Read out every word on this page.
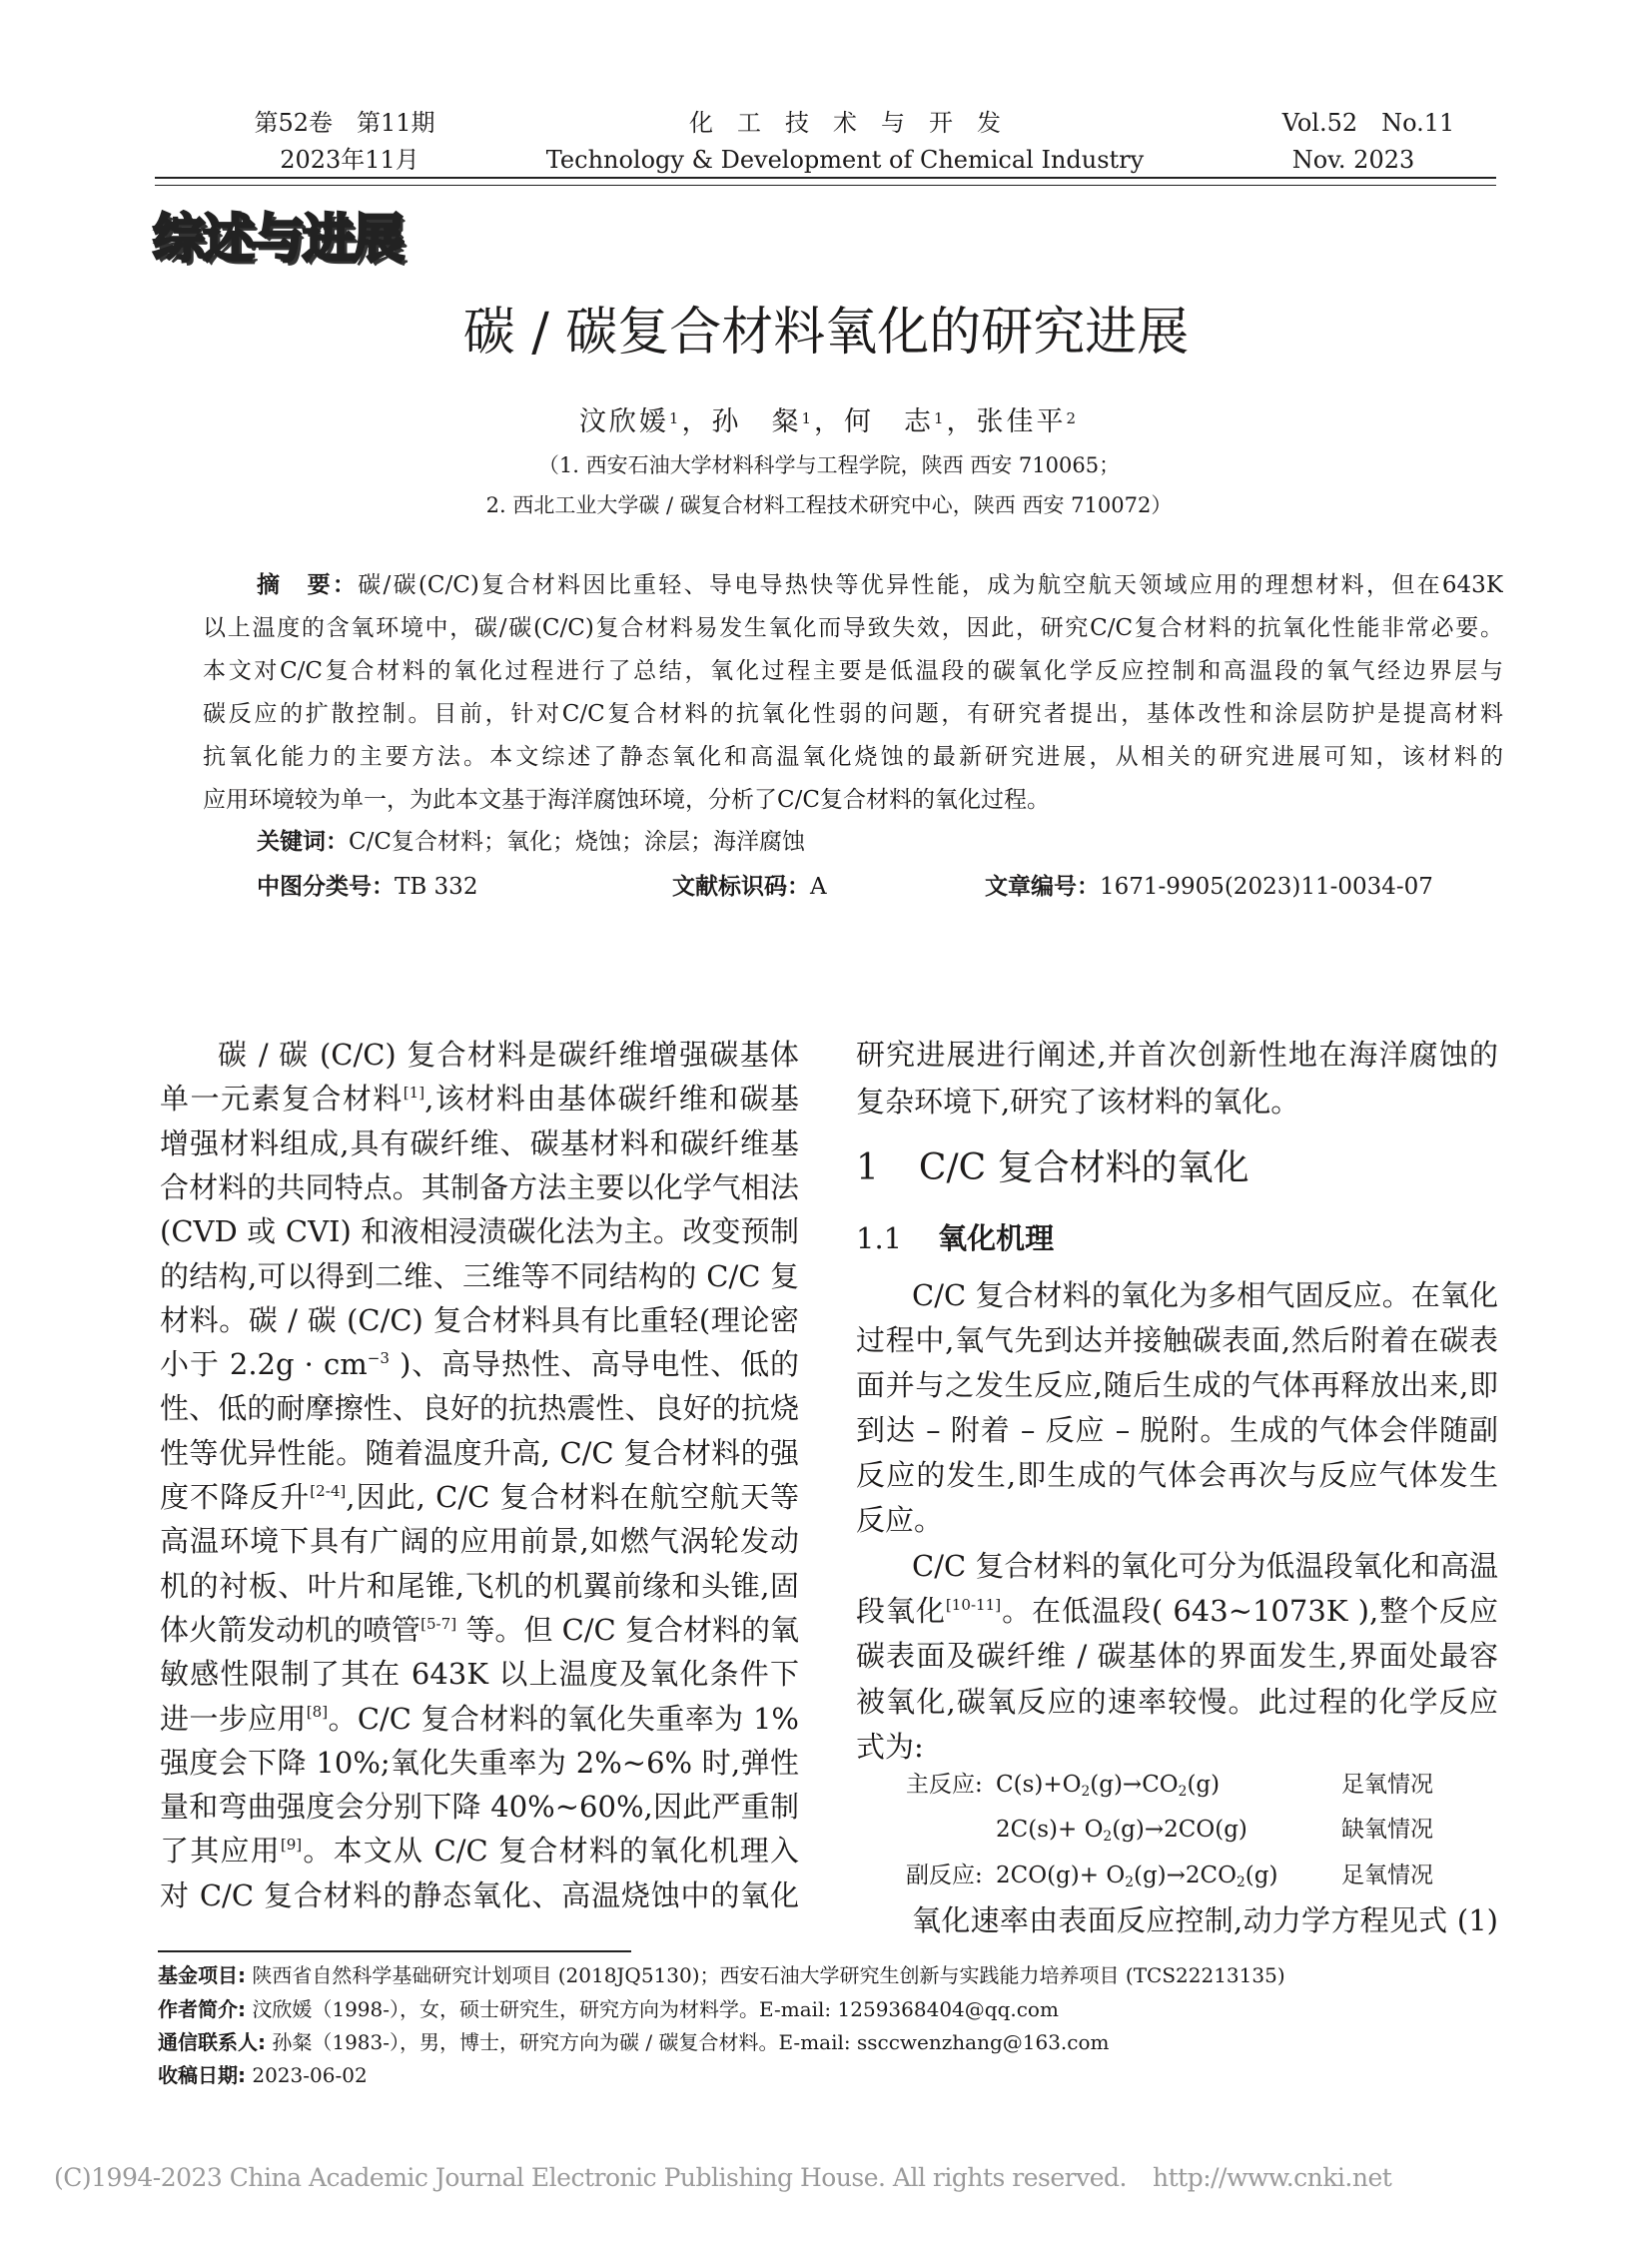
第52卷　第11期
2023年11月
化　工　技　术　与　开　发
Technology & Development of Chemical Industry
Vol.52　No.11
Nov. 2023
综述与进展
碳 / 碳复合材料氧化的研究进展
汶欣媛$^1$，孙　粲$^1$，何　志$^1$，张佳平$^2$
（1. 西安石油大学材料科学与工程学院，陕西 西安 710065；
2. 西北工业大学碳 / 碳复合材料工程技术研究中心，陕西 西安 710072）
摘　要：碳/碳(C/C)复合材料因比重轻、导电导热快等优异性能，成为航空航天领域应用的理想材料，但在643K
以上温度的含氧环境中，碳/碳(C/C)复合材料易发生氧化而导致失效，因此，研究C/C复合材料的抗氧化性能非常必要。
本文对C/C复合材料的氧化过程进行了总结，氧化过程主要是低温段的碳氧化学反应控制和高温段的氧气经边界层与
碳反应的扩散控制。目前，针对C/C复合材料的抗氧化性弱的问题，有研究者提出，基体改性和涂层防护是提高材料
抗氧化能力的主要方法。本文综述了静态氧化和高温氧化烧蚀的最新研究进展，从相关的研究进展可知，该材料的
应用环境较为单一，为此本文基于海洋腐蚀环境，分析了C/C复合材料的氧化过程。
关键词：C/C复合材料；氧化；烧蚀；涂层；海洋腐蚀
中图分类号：TB 332	文献标识码：A	文章编号：1671-9905(2023)11-0034-07
碳 / 碳 (C/C) 复合材料是碳纤维增强碳基体
单一元素复合材料[1],该材料由基体碳纤维和碳基
增强材料组成,具有碳纤维、碳基材料和碳纤维基
合材料的共同特点。其制备方法主要以化学气相法
(CVD 或 CVI) 和液相浸渍碳化法为主。改变预制
的结构,可以得到二维、三维等不同结构的 C/C 复
材料。碳 / 碳 (C/C) 复合材料具有比重轻(理论密
小于 $2.2g \cdot cm^{-3}$ )、高导热性、高导电性、低的
性、低的耐摩擦性、良好的抗热震性、良好的抗烧
性等优异性能。随着温度升高, C/C 复合材料的强
度不降反升[2-4],因此, C/C 复合材料在航空航天等
高温环境下具有广阔的应用前景,如燃气涡轮发动
机的衬板、叶片和尾锥,飞机的机翼前缘和头锥,固
体火箭发动机的喷管[5-7] 等。但 C/C 复合材料的氧
敏感性限制了其在 643K 以上温度及氧化条件下
进一步应用[8]。C/C 复合材料的氧化失重率为 1%
强度会下降 10%;氧化失重率为 2%~6% 时,弹性
量和弯曲强度会分别下降 40%~60%,因此严重制
了其应用[9]。本文从 C/C 复合材料的氧化机理入
对 C/C 复合材料的静态氧化、高温烧蚀中的氧化
研究进展进行阐述,并首次创新性地在海洋腐蚀的
复杂环境下,研究了该材料的氧化。
1 C/C 复合材料的氧化
1.1 氧化机理
C/C 复合材料的氧化为多相气固反应。在氧化
过程中,氧气先到达并接触碳表面,然后附着在碳表
面并与之发生反应,随后生成的气体再释放出来,即
到达 – 附着 – 反应 – 脱附。生成的气体会伴随副
反应的发生,即生成的气体会再次与反应气体发生
反应。
C/C 复合材料的氧化可分为低温段氧化和高温
段氧化[10-11]。在低温段( 643~1073K ),整个反应
碳表面及碳纤维 / 碳基体的界面发生,界面处最容
被氧化,碳氧反应的速率较慢。此过程的化学反应
式为:
主反应: $C(s)+O_2(g)\to CO_2(g)$	足氧情况
$2C(s)+ O_2(g)\to 2CO(g)$	缺氧情况
副反应: $2CO(g)+ O_2(g)\to 2CO_2(g)$	足氧情况
氧化速率由表面反应控制,动力学方程见式 (1)
基金项目: 陕西省自然科学基础研究计划项目 (2018JQ5130)；西安石油大学研究生创新与实践能力培养项目 (TCS22213135)
作者简介: 汶欣媛（1998-），女，硕士研究生，研究方向为材料学。E-mail: 1259368404@qq.com
通信联系人: 孙粲（1983-），男，博士，研究方向为碳 / 碳复合材料。E-mail: ssccwenzhang@163.com
收稿日期: 2023-06-02
(C)1994-2023 China Academic Journal Electronic Publishing House. All rights reserved. http://www.cnki.net
